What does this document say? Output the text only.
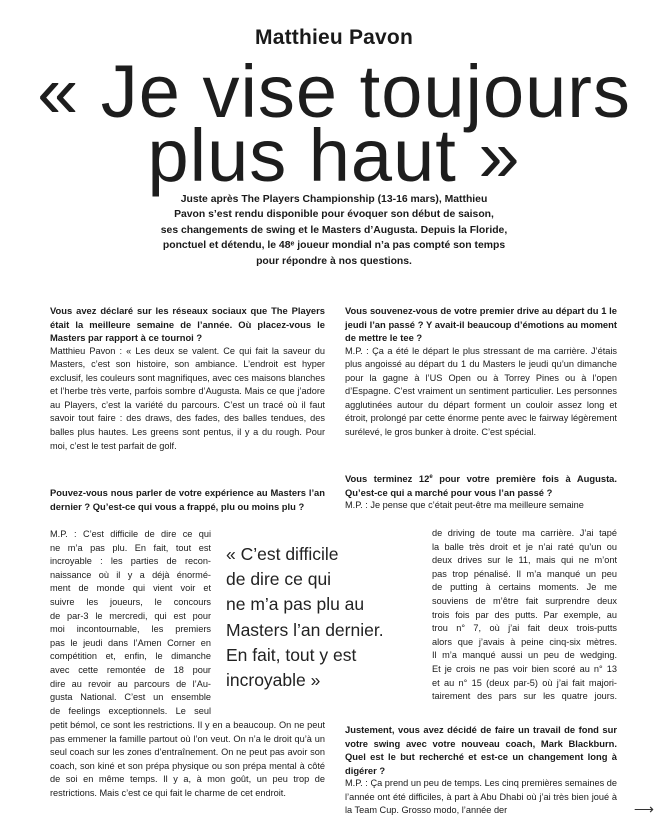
Matthieu Pavon
« Je vise toujours
plus haut »

Juste après The Players Championship (13-16 mars), Matthieu

Pavon s’est rendu disponible pour évoquer son début de saison,

ses changements de swing et le Masters d’Augusta. Depuis la Floride,

ponctuel et détendu, le 48ᵉ joueur mondial n’a pas compté son temps

pour répondre à nos questions.

Vous avez déclaré sur les réseaux sociaux que The Players était la meilleure semaine de l’année. Où placez-vous le Masters par rapport à ce tournoi ?

Matthieu Pavon : « Les deux se valent. Ce qui fait la saveur du Masters, c’est son histoire, son ambiance. L’endroit est hyper exclusif, les couleurs sont magnifiques, avec ces maisons blanches et l’herbe très verte, parfois sombre d’Augusta. Mais ce que j’adore au Players, c’est la variété du parcours. C’est un tracé où il faut savoir tout faire : des draws, des fades, des balles tendues, des balles plus hautes. Les greens sont pentus, il y a du rough. Pour moi, c’est le test parfait de golf.

Pouvez-vous nous parler de votre expérience au Masters l’an dernier ? Qu’est-ce qui vous a frappé, plu ou moins plu ?

M.P. : C’est difficile de dire ce qui

ne m’a pas plu. En fait, tout est

incroyable : les parties de recon-

naissance où il y a déjà énormé-

ment de monde qui vient voir et

suivre les joueurs, le concours

de par-3 le mercredi, qui est pour

moi incontournable, les premiers

pas le jeudi dans l’Amen Corner en

compétition et, enfin, le dimanche

avec cette remontée de 18 pour

dire au revoir au parcours de l’Au-

gusta National. C’est un ensemble

de feelings exceptionnels. Le seul

petit bémol, ce sont les restrictions. Il y en a beaucoup. On ne peut pas emmener la famille partout où l’on veut. On n’a le droit qu’à un seul coach sur les zones d’entraînement. On ne peut pas avoir son coach, son kiné et son prépa physique ou son prépa mental à côté de soi en même temps. Il y a, à mon goût, un peu trop de restrictions. Mais c’est ce qui fait le charme de cet endroit.

« C’est difficile
de dire ce qui
ne m’a pas plu au
Masters l’an dernier.
En fait, tout y est
incroyable »

Vous souvenez-vous de votre premier drive au départ du 1 le jeudi l’an passé ? Y avait-il beaucoup d’émotions au moment de mettre le tee ?

M.P. : Ça a été le départ le plus stressant de ma carrière. J’étais plus angoissé au départ du 1 du Masters le jeudi qu’un dimanche pour la gagne à l’US Open ou à Torrey Pines ou à l’open d’Espagne. C’est vraiment un sentiment particulier. Les personnes agglutinées autour du départ forment un couloir assez long et étroit, prolongé par cette énorme pente avec le fairway légèrement surélevé, le gros bunker à droite. C’est spécial.

Vous terminez 12e pour votre première fois à Augusta. Qu’est-ce qui a marché pour vous l’an passé ?

M.P. : Je pense que c’était peut-être ma meilleure semaine

de driving de toute ma carrière. J’ai tapé

la balle très droit et je n’ai raté qu’un ou

deux drives sur le 11, mais qui ne m’ont

pas trop pénalisé. Il m’a manqué un peu

de putting à certains moments. Je me

souviens de m’être fait surprendre deux

trois fois par des putts. Par exemple, au

trou n° 7, où j’ai fait deux trois-putts

alors que j’avais à peine cinq-six mètres.

Il m’a manqué aussi un peu de wedging.

Et je crois ne pas voir bien scoré au n° 13

et au n° 15 (deux par-5) où j’ai fait majori-

tairement des pars sur les quatre jours.

Justement, vous avez décidé de faire un travail de fond sur votre swing avec votre nouveau coach, Mark Blackburn. Quel est le but recherché et est-ce un changement long à digérer ?

M.P. : Ça prend un peu de temps. Les cinq premières semaines de l’année ont été difficiles, à part à Abu Dhabi où j’ai très bien joué à la Team Cup. Grosso modo, l’année der	⟶
